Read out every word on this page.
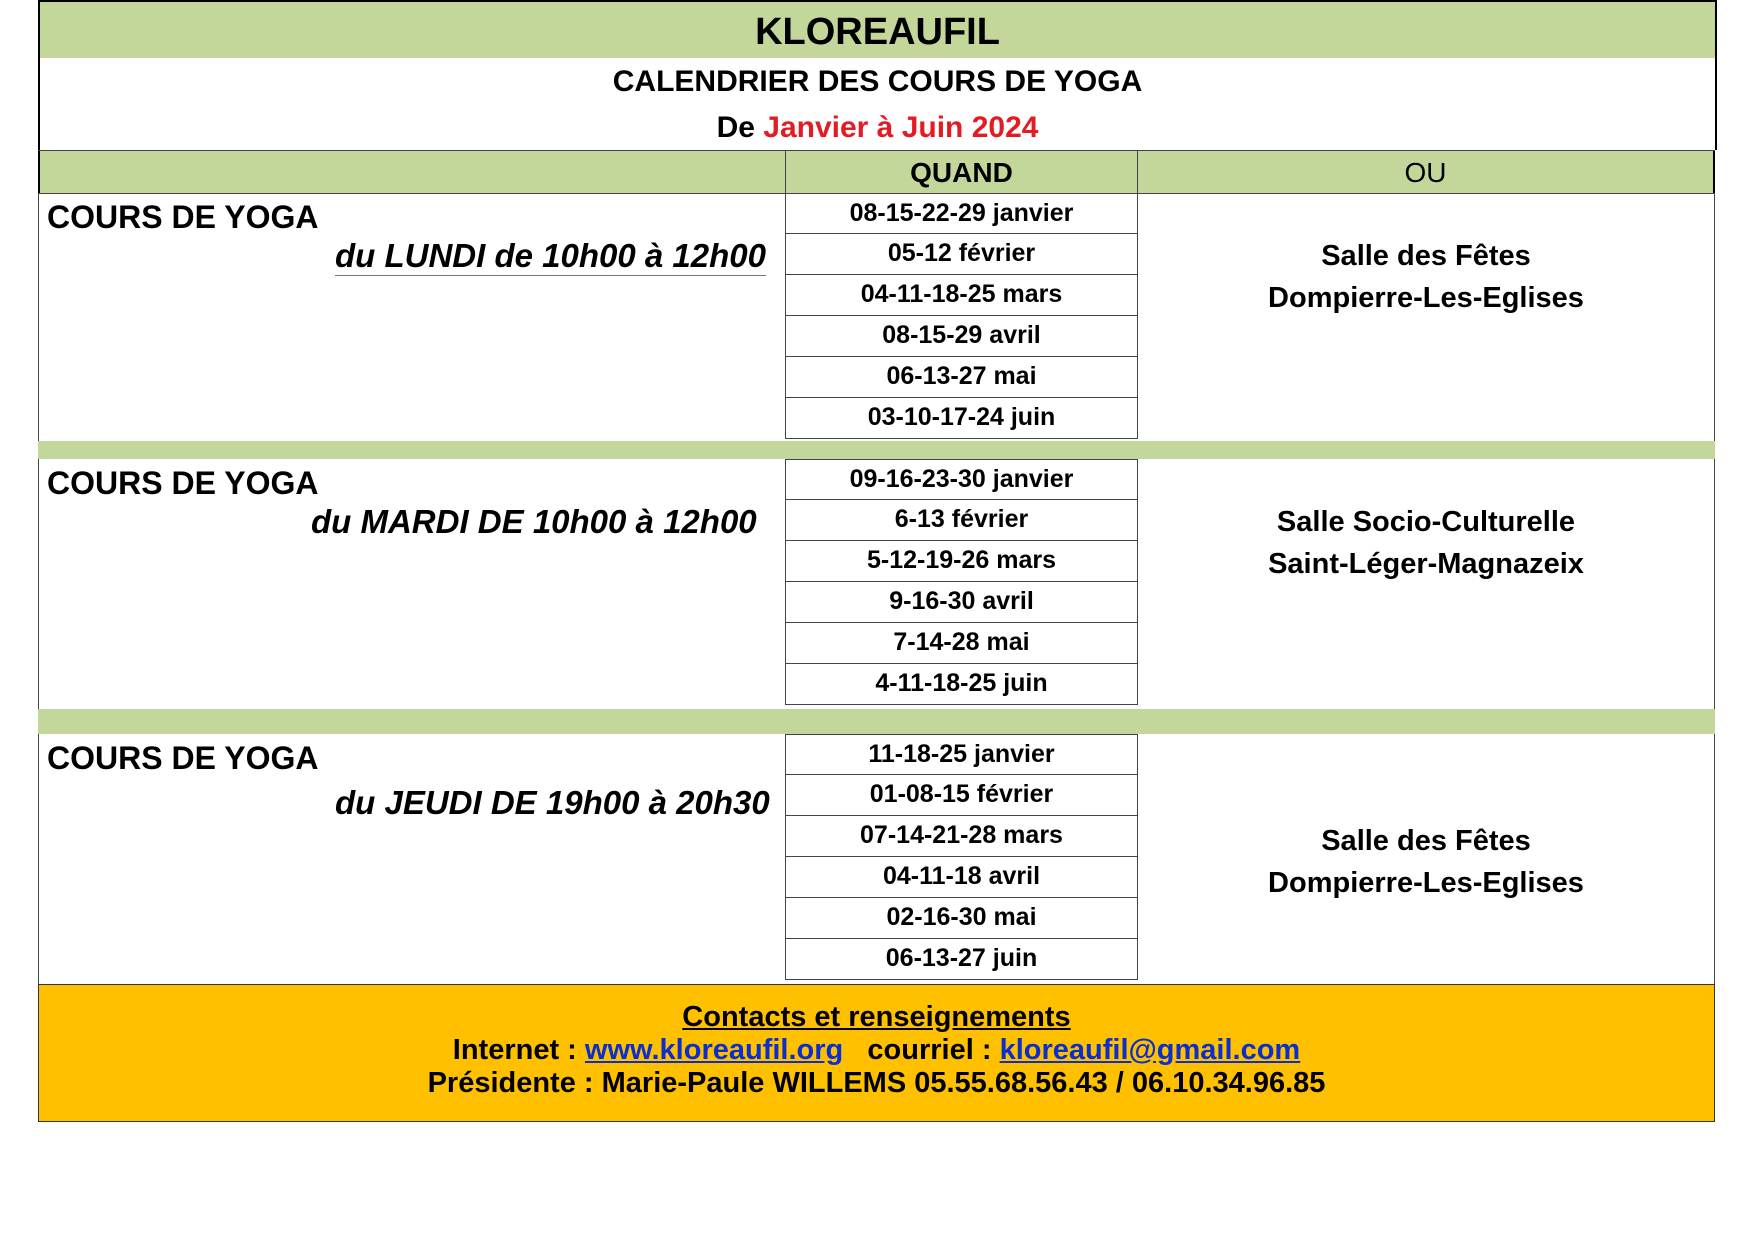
KLOREAUFIL
CALENDRIER DES COURS DE YOGA
De Janvier à Juin 2024
QUAND	OU
COURS DE YOGA
du LUNDI de 10h00 à 12h00
08-15-22-29 janvier
05-12 février
04-11-18-25 mars
08-15-29 avril
06-13-27 mai
03-10-17-24 juin
Salle des Fêtes
Dompierre-Les-Eglises
COURS DE YOGA
du MARDI DE 10h00 à 12h00
09-16-23-30 janvier
6-13 février
5-12-19-26 mars
9-16-30 avril
7-14-28 mai
4-11-18-25 juin
Salle Socio-Culturelle
Saint-Léger-Magnazeix
COURS DE YOGA
du JEUDI DE 19h00 à 20h30
11-18-25 janvier
01-08-15 février
07-14-21-28 mars
04-11-18 avril
02-16-30 mai
06-13-27 juin
Salle des Fêtes
Dompierre-Les-Eglises
Contacts et renseignements
Internet : www.kloreaufil.org courriel : kloreaufil@gmail.com
Présidente : Marie-Paule WILLEMS 05.55.68.56.43 / 06.10.34.96.85
